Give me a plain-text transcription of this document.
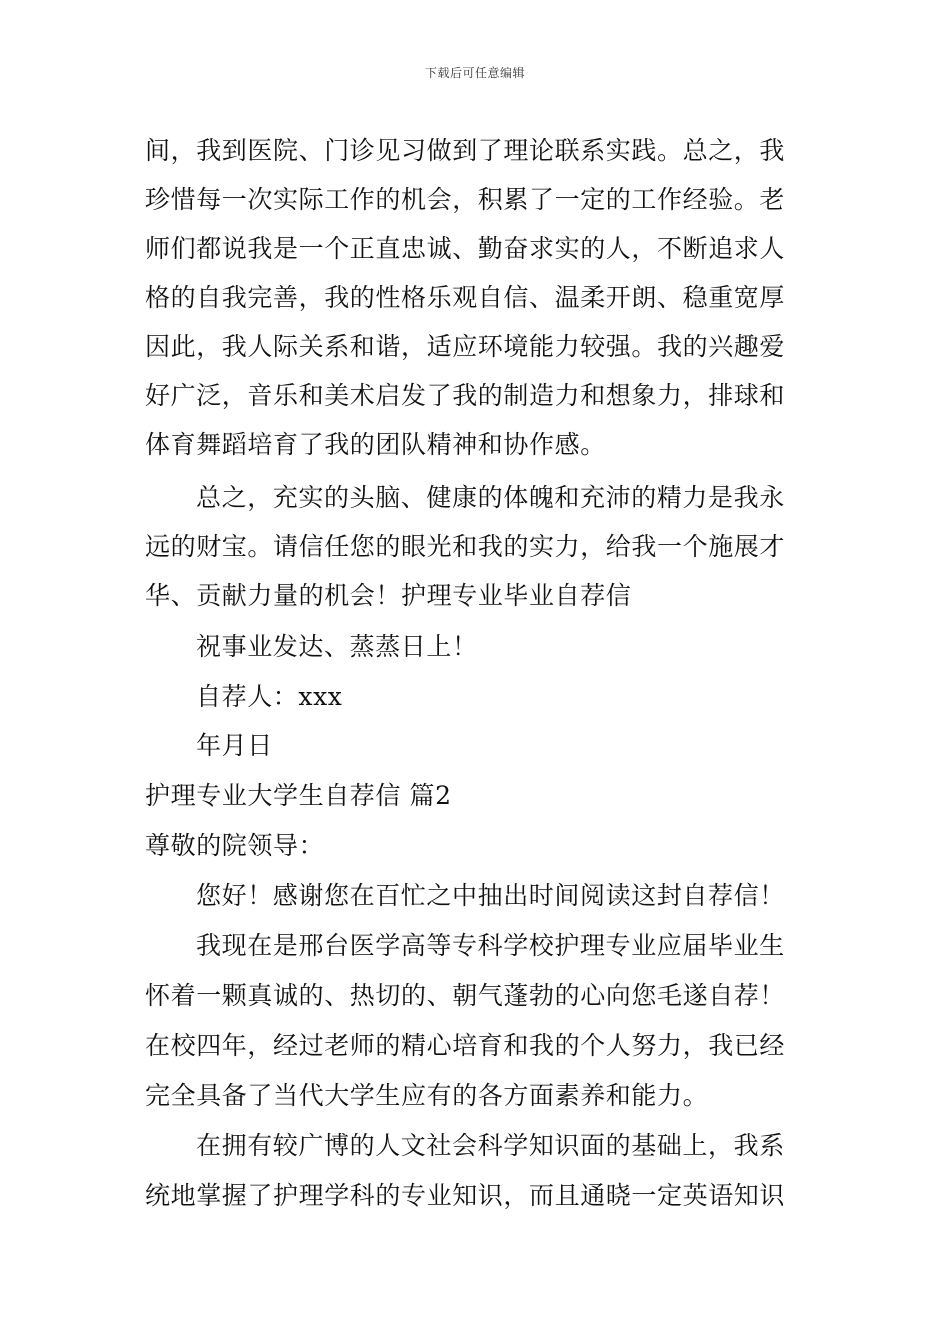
下载后可任意编辑
间，我到医院、门诊见习做到了理论联系实践。总之，我
珍惜每一次实际工作的机会，积累了一定的工作经验。老
师们都说我是一个正直忠诚、勤奋求实的人，不断追求人
格的自我完善，我的性格乐观自信、温柔开朗、稳重宽厚
因此，我人际关系和谐，适应环境能力较强。我的兴趣爱
好广泛，音乐和美术启发了我的制造力和想象力，排球和
体育舞蹈培育了我的团队精神和协作感。
总之，充实的头脑、健康的体魄和充沛的精力是我永
远的财宝。请信任您的眼光和我的实力，给我一个施展才
华、贡献力量的机会！护理专业毕业自荐信
祝事业发达、蒸蒸日上！
自荐人：xxx
年月日
护理专业大学生自荐信 篇2
尊敬的院领导：
您好！感谢您在百忙之中抽出时间阅读这封自荐信！
我现在是邢台医学高等专科学校护理专业应届毕业生
怀着一颗真诚的、热切的、朝气蓬勃的心向您毛遂自荐！
在校四年，经过老师的精心培育和我的个人努力，我已经
完全具备了当代大学生应有的各方面素养和能力。
在拥有较广博的人文社会科学知识面的基础上，我系
统地掌握了护理学科的专业知识，而且通晓一定英语知识
